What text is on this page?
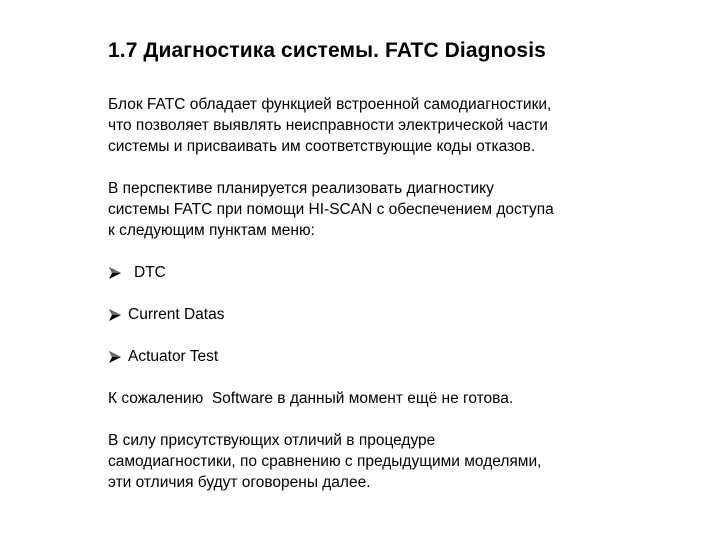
1.7 Диагностика системы. FATC Diagnosis

Блок FATC обладает функцией встроенной самодиагностики,
что позволяет выявлять неисправности электрической части
системы и присваивать им соответствующие коды отказов.

В перспективе планируется реализовать диагностику
системы FATC при помощи HI-SCAN с обеспечением доступа
к следующим пунктам меню:

DTC
Current Datas
Actuator Test

К сожалению  Software в данный момент ещё не готова.

В силу присутствующих отличий в процедуре
самодиагностики, по сравнению с предыдущими моделями,
эти отличия будут оговорены далее.
